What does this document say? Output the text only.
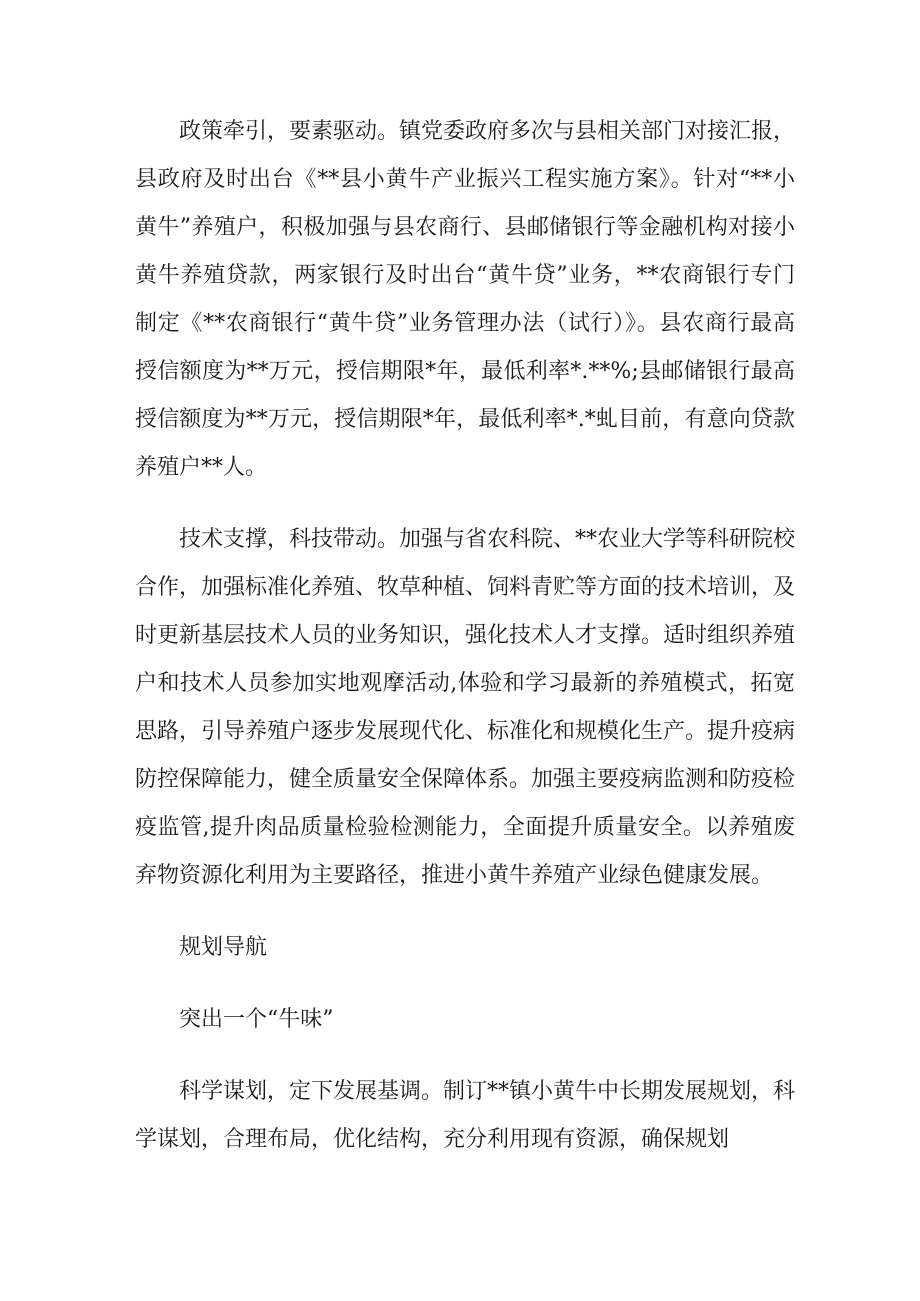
政策牵引，要素驱动。镇党委政府多次与县相关部门对接汇报，县政府及时出台《**县小黄牛产业振兴工程实施方案》。针对“**小黄牛”养殖户，积极加强与县农商行、县邮储银行等金融机构对接小黄牛养殖贷款，两家银行及时出台“黄牛贷”业务，**农商银行专门制定《**农商银行“黄牛贷”业务管理办法（试行）》。县农商行最高授信额度为**万元，授信期限*年，最低利率*.**%;县邮储银行最高授信额度为**万元，授信期限*年，最低利率*.*虬目前，有意向贷款养殖户**人。

技术支撑，科技带动。加强与省农科院、**农业大学等科研院校合作，加强标准化养殖、牧草种植、饲料青贮等方面的技术培训，及时更新基层技术人员的业务知识，强化技术人才支撑。适时组织养殖户和技术人员参加实地观摩活动,体验和学习最新的养殖模式，拓宽思路，引导养殖户逐步发展现代化、标准化和规模化生产。提升疫病防控保障能力，健全质量安全保障体系。加强主要疫病监测和防疫检疫监管,提升肉品质量检验检测能力，全面提升质量安全。以养殖废弃物资源化利用为主要路径，推进小黄牛养殖产业绿色健康发展。

规划导航

突出一个“牛味”

科学谋划，定下发展基调。制订**镇小黄牛中长期发展规划，科学谋划，合理布局，优化结构，充分利用现有资源，确保规划
